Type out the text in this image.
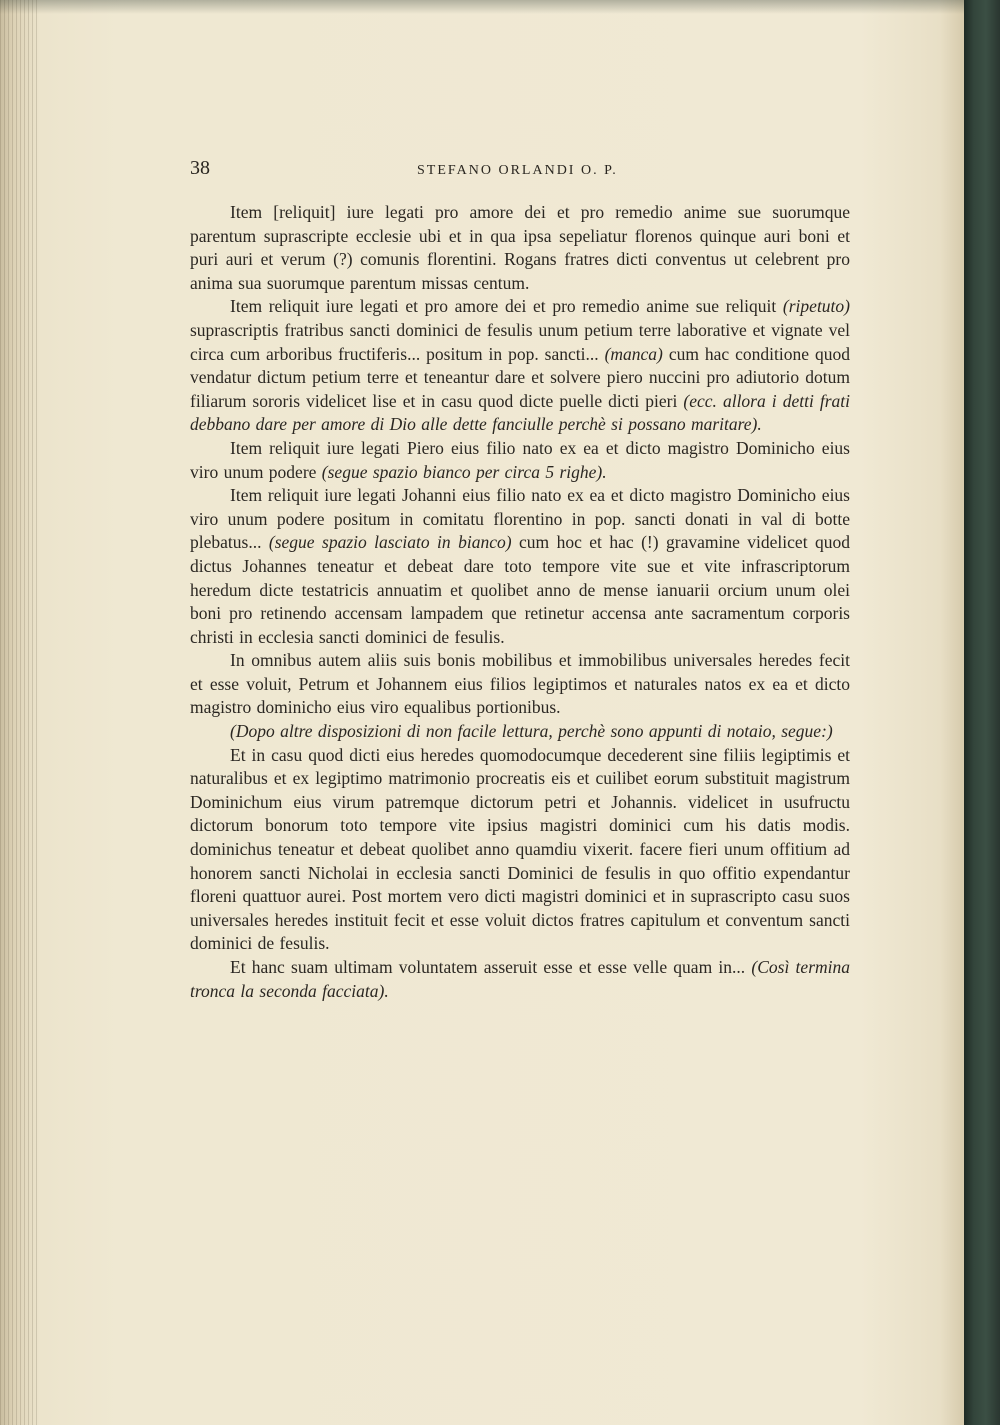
38	STEFANO ORLANDI O. P.

Item [reliquit] iure legati pro amore dei et pro remedio anime sue suorumque parentum suprascripte ecclesie ubi et in qua ipsa sepeliatur florenos quinque auri boni et puri auri et verum (?) comunis florentini. Rogans fratres dicti conventus ut celebrent pro anima sua suorumque parentum missas centum.

Item reliquit iure legati et pro amore dei et pro remedio anime sue reliquit (ripetuto) suprascriptis fratribus sancti dominici de fesulis unum petium terre laborative et vignate vel circa cum arboribus fructiferis... positum in pop. sancti... (manca) cum hac conditione quod vendatur dictum petium terre et teneantur dare et solvere piero nuccini pro adiutorio dotum filiarum sororis videlicet lise et in casu quod dicte puelle dicti pieri (ecc. allora i detti frati debbano dare per amore di Dio alle dette fanciulle perchè si possano maritare).

Item reliquit iure legati Piero eius filio nato ex ea et dicto magistro Dominicho eius viro unum podere (segue spazio bianco per circa 5 righe).

Item reliquit iure legati Johanni eius filio nato ex ea et dicto magistro Dominicho eius viro unum podere positum in comitatu florentino in pop. sancti donati in val di botte plebatus... (segue spazio lasciato in bianco) cum hoc et hac (!) gravamine videlicet quod dictus Johannes teneatur et debeat dare toto tempore vite sue et vite infrascriptorum heredum dicte testatricis annuatim et quolibet anno de mense ianuarii orcium unum olei boni pro retinendo accensam lampadem que retinetur accensa ante sacramentum corporis christi in ecclesia sancti dominici de fesulis.

In omnibus autem aliis suis bonis mobilibus et immobilibus universales heredes fecit et esse voluit, Petrum et Johannem eius filios legiptimos et naturales natos ex ea et dicto magistro dominicho eius viro equalibus portionibus.

(Dopo altre disposizioni di non facile lettura, perchè sono appunti di notaio, segue:)

Et in casu quod dicti eius heredes quomodocumque decederent sine filiis legiptimis et naturalibus et ex legiptimo matrimonio procreatis eis et cuilibet eorum substituit magistrum Dominichum eius virum patremque dictorum petri et Johannis. videlicet in usufructu dictorum bonorum toto tempore vite ipsius magistri dominici cum his datis modis. dominichus teneatur et debeat quolibet anno quamdiu vixerit. facere fieri unum offitium ad honorem sancti Nicholai in ecclesia sancti Dominici de fesulis in quo offitio expendantur floreni quattuor aurei. Post mortem vero dicti magistri dominici et in suprascripto casu suos universales heredes instituit fecit et esse voluit dictos fratres capitulum et conventum sancti dominici de fesulis.

Et hanc suam ultimam voluntatem asseruit esse et esse velle quam in... (Così termina tronca la seconda facciata).
